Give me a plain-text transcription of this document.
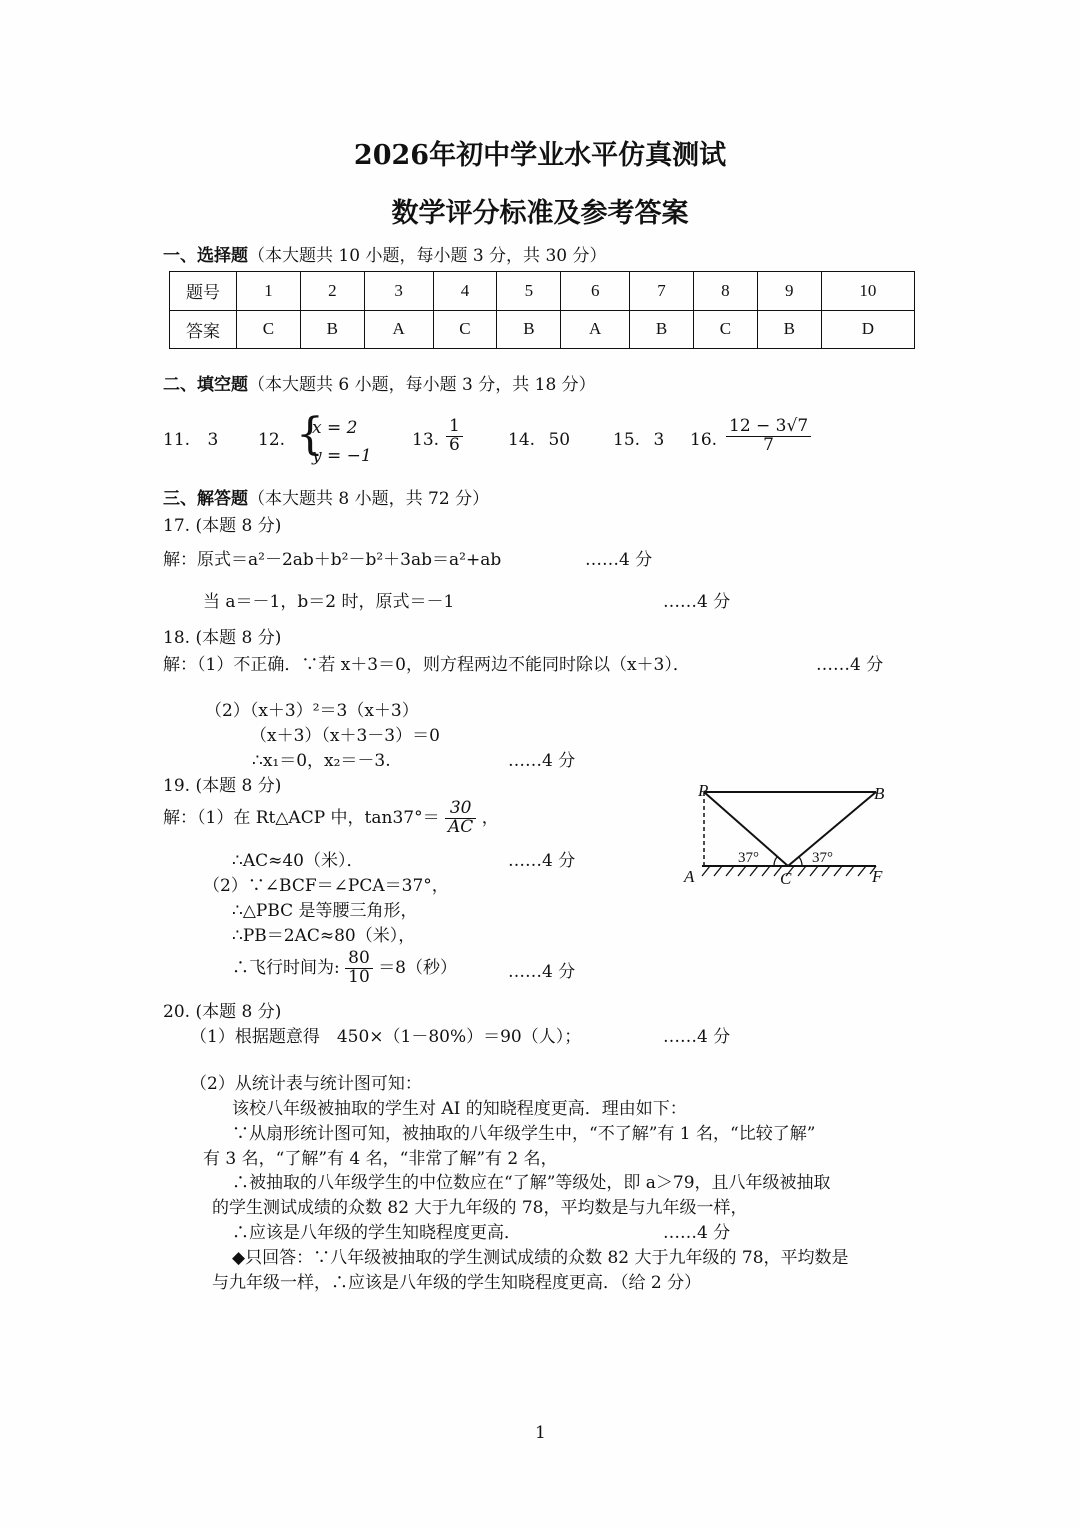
2026年初中学业水平仿真测试
数学评分标准及参考答案
一、选择题（本大题共 10 小题，每小题 3 分，共 30 分）
题号	1	2	3	4	5	6	7	8	9	10
答案	C	B	A	C	B	A	B	C	B	D
二、填空题（本大题共 6 小题，每小题 3 分，共 18 分）
11. 3 12. {
x = 2
y = −1
13. $\frac{1}{6}$	14. 50	15. 3 16. $\frac{12 - 3√7}{7}$
三、解答题（本大题共 8 小题，共 72 分）
17. (本题 8 分)
解：原式＝a²－2ab＋b²－b²＋3ab＝a²+ab	……4 分
当 a＝－1，b＝2 时，原式＝－1	……4 分
18. (本题 8 分)
解：（1）不正确．∵若 x＋3＝0，则方程两边不能同时除以（x＋3）．	……4 分
（2）（x＋3）²＝3（x＋3）
（x＋3）（x＋3－3）＝0
∴x₁＝0，x₂＝－3.	……4 分
19. (本题 8 分)
解：（1）在 Rt△ACP 中，$\tan 37^\circ= \frac{30}{AC}$ ，
∴AC≈40（米）．	……4 分
（2）∵∠BCF＝∠PCA＝37°，
∴△PBC 是等腰三角形，
∴PB＝2AC≈80（米），
∴飞行时间为: $\frac{80}{10} =8$（秒）	……4 分
37°	37°
P	B
A	C	F
20. (本题 8 分)
（1）根据题意得　450×（1－80%）＝90（人）；	……4 分
（2）从统计表与统计图可知：
该校八年级被抽取的学生对 AI 的知晓程度更高．理由如下：
∵从扇形统计图可知，被抽取的八年级学生中，“不了解”有 1 名，“比较了解”
有 3 名，“了解”有 4 名，“非常了解”有 2 名，
∴被抽取的八年级学生的中位数应在“了解”等级处，即 a＞79，且八年级被抽取
的学生测试成绩的众数 82 大于九年级的 78，平均数是与九年级一样，
∴应该是八年级的学生知晓程度更高．	……4 分
◆只回答：∵八年级被抽取的学生测试成绩的众数 82 大于九年级的 78，平均数是
与九年级一样，∴应该是八年级的学生知晓程度更高．（给 2 分）
1
